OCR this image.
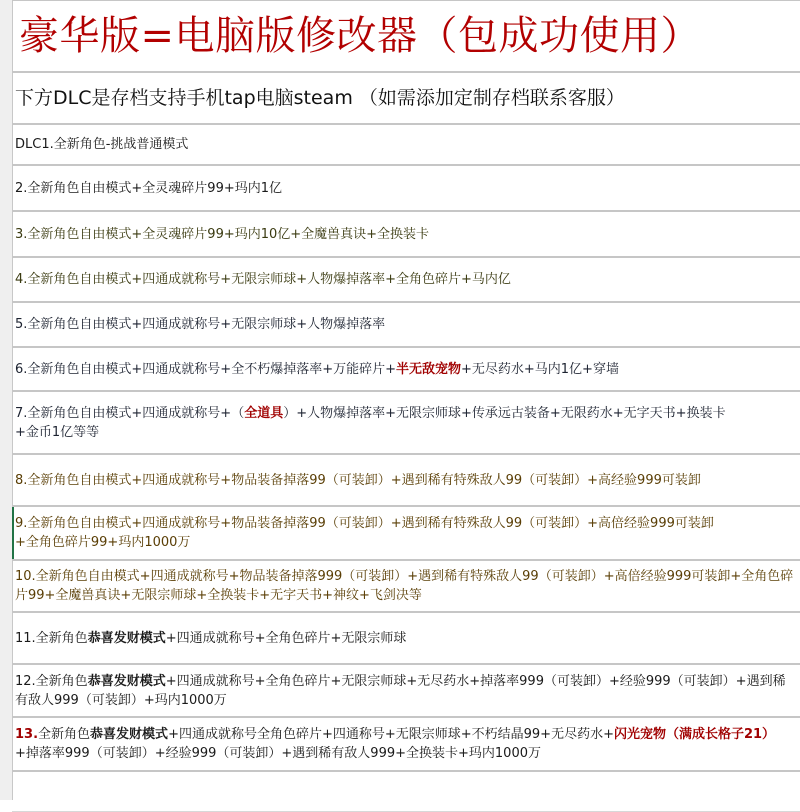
豪华版=电脑版修改器（包成功使用）
下方DLC是存档支持手机tap电脑steam （如需添加定制存档联系客服）
DLC1.全新角色-挑战普通模式
2.全新角色自由模式+全灵魂碎片99+玛内1亿
3.全新角色自由模式+全灵魂碎片99+玛内10亿+全魔兽真诀+全换装卡
4.全新角色自由模式+四通成就称号+无限宗师球+人物爆掉落率+全角色碎片+马内亿
5.全新角色自由模式+四通成就称号+无限宗师球+人物爆掉落率
6.全新角色自由模式+四通成就称号+全不朽爆掉落率+万能碎片+半无敌宠物+无尽药水+马内1亿+穿墙
7.全新角色自由模式+四通成就称号+（全道具）+人物爆掉落率+无限宗师球+传承远古装备+无限药水+无字天书+换装卡
+金币1亿等等
8.全新角色自由模式+四通成就称号+物品装备掉落99（可装卸）+遇到稀有特殊敌人99（可装卸）+高经验999可装卸
9.全新角色自由模式+四通成就称号+物品装备掉落99（可装卸）+遇到稀有特殊敌人99（可装卸）+高倍经验999可装卸
+全角色碎片99+玛内1000万
10.全新角色自由模式+四通成就称号+物品装备掉落999（可装卸）+遇到稀有特殊敌人99（可装卸）+高倍经验999可装卸+全角色碎片99+全魔兽真诀+无限宗师球+全换装卡+无字天书+神纹+飞剑决等
11.全新角色恭喜发财模式+四通成就称号+全角色碎片+无限宗师球
12.全新角色恭喜发财模式+四通成就称号+全角色碎片+无限宗师球+无尽药水+掉落率999（可装卸）+经验999（可装卸）+遇到稀有敌人999（可装卸）+玛内1000万
13.全新角色恭喜发财模式+四通成就称号全角色碎片+四通称号+无限宗师球+不朽结晶99+无尽药水+闪光宠物（满成长格子21）+掉落率999（可装卸）+经验999（可装卸）+遇到稀有敌人999+全换装卡+玛内1000万
